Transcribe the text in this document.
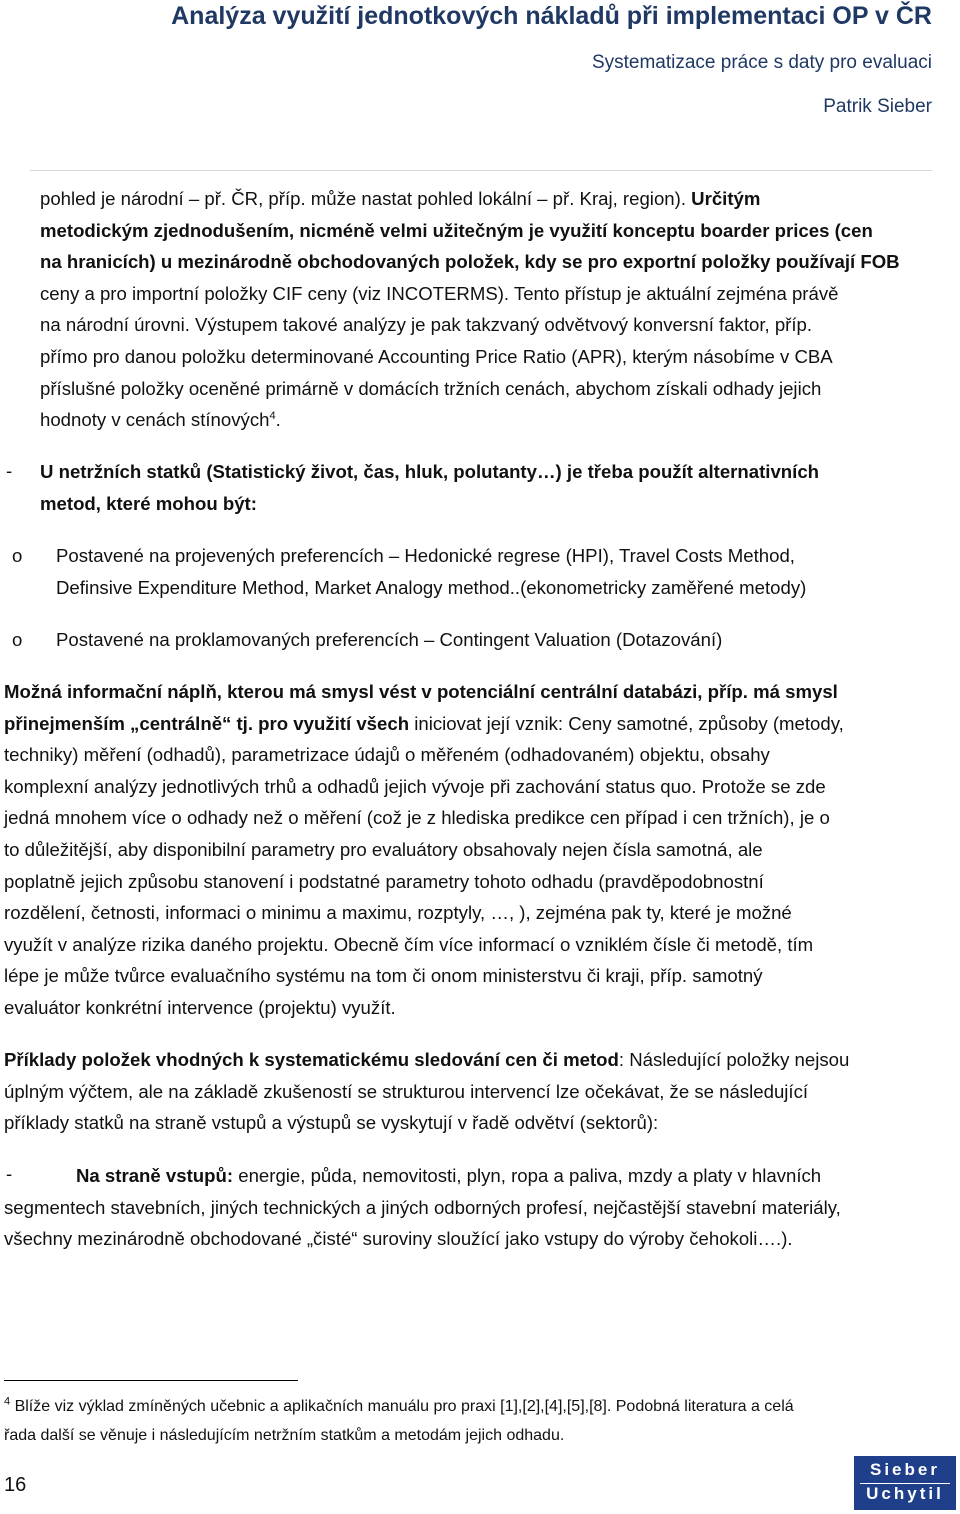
Analýza využití jednotkových nákladů při implementaci OP v ČR
Systematizace práce s daty pro evaluaci
Patrik Sieber
pohled je národní – př. ČR, příp. může nastat pohled lokální – př. Kraj, region). Určitým
metodickým zjednodušením, nicméně velmi užitečným je využití konceptu boarder prices (cen
na hranicích) u mezinárodně obchodovaných položek, kdy se pro exportní položky používají FOB
ceny a pro importní položky CIF ceny (viz INCOTERMS). Tento přístup je aktuální zejména právě
na národní úrovni. Výstupem takové analýzy je pak takzvaný odvětvový konversní faktor, příp.
přímo pro danou položku determinované Accounting Price Ratio (APR), kterým násobíme v CBA
příslušné položky oceněné primárně v domácích tržních cenách, abychom získali odhady jejich
hodnoty v cenách stínových$^4$.
- U netržních statků (Statistický život, čas, hluk, polutanty…) je třeba použít alternativních
metod, které mohou být:
o Postavené na projevených preferencích – Hedonické regrese (HPI), Travel Costs Method,
Definsive Expenditure Method, Market Analogy method..(ekonometricky zaměřené metody)
o Postavené na proklamovaných preferencích – Contingent Valuation (Dotazování)
Možná informační náplň, kterou má smysl vést v potenciální centrální databázi, příp. má smysl
přinejmenším „centrálně“ tj. pro využití všech iniciovat její vznik: Ceny samotné, způsoby (metody,
techniky) měření (odhadů), parametrizace údajů o měřeném (odhadovaném) objektu, obsahy
komplexní analýzy jednotlivých trhů a odhadů jejich vývoje při zachování status quo. Protože se zde
jedná mnohem více o odhady než o měření (což je z hlediska predikce cen případ i cen tržních), je o
to důležitější, aby disponibilní parametry pro evaluátory obsahovaly nejen čísla samotná, ale
poplatně jejich způsobu stanovení i podstatné parametry tohoto odhadu (pravděpodobnostní
rozdělení, četnosti, informaci o minimu a maximu, rozptyly, …, ), zejména pak ty, které je možné
využít v analýze rizika daného projektu. Obecně čím více informací o vzniklém čísle či metodě, tím
lépe je může tvůrce evaluačního systému na tom či onom ministerstvu či kraji, příp. samotný
evaluátor konkrétní intervence (projektu) využít.
Příklady položek vhodných k systematickému sledování cen či metod: Následující položky nejsou
úplným výčtem, ale na základě zkušeností se strukturou intervencí lze očekávat, že se následující
příklady statků na straně vstupů a výstupů se vyskytují v řadě odvětví (sektorů):
-	Na straně vstupů: energie, půda, nemovitosti, plyn, ropa a paliva, mzdy a platy v hlavních
segmentech stavebních, jiných technických a jiných odborných profesí, nejčastější stavební materiály,
všechny mezinárodně obchodované „čisté“ suroviny sloužící jako vstupy do výroby čehokoli….).
$^4$ Blíže viz výklad zmíněných učebnic a aplikačních manuálu pro praxi [1],[2],[4],[5],[8]. Podobná literatura a celá
řada další se věnuje i následujícím netržním statkům a metodám jejich odhadu.
16
Sieber
Uchytil
